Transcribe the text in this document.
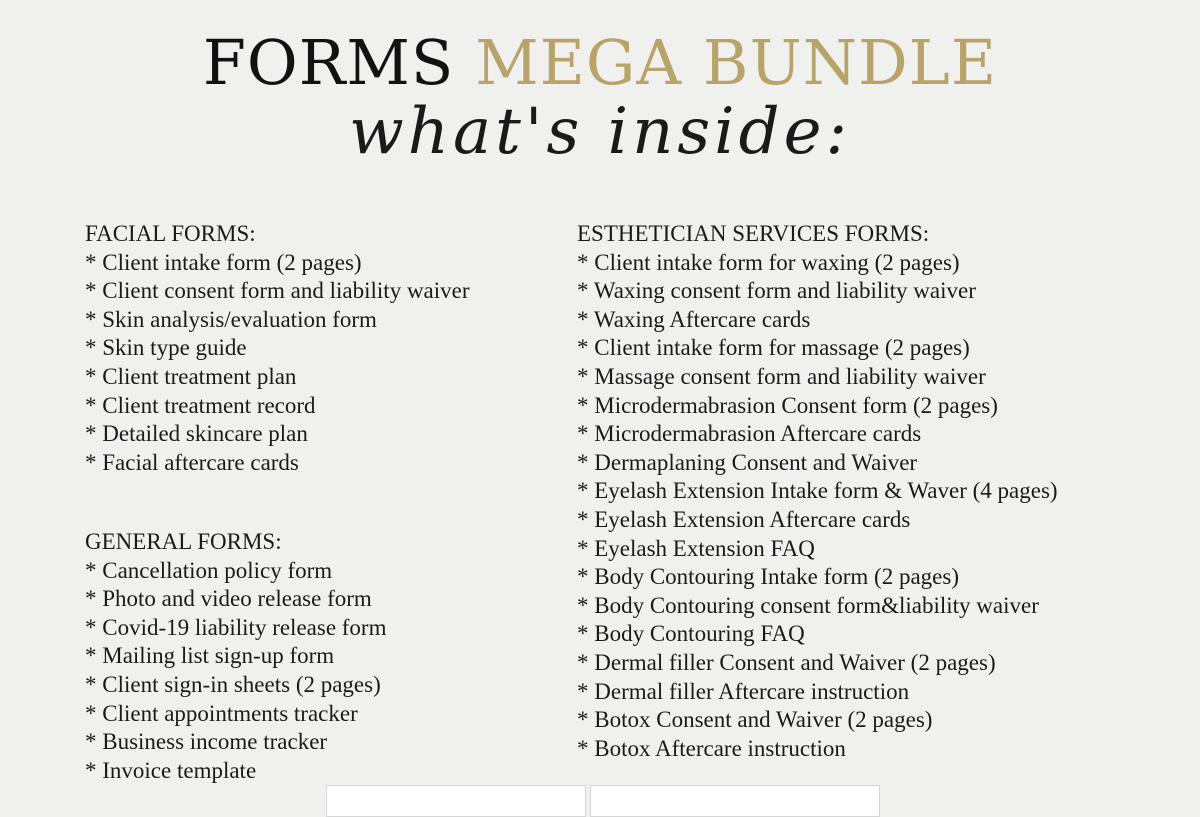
FORMS MEGA BUNDLE
what's inside:

FACIAL FORMS:

* Client intake form (2 pages)
* Client consent form and liability waiver
* Skin analysis/evaluation form
* Skin type guide
* Client treatment plan
* Client treatment record
* Detailed skincare plan
* Facial aftercare cards

GENERAL FORMS:

* Cancellation policy form
* Photo and video release form
* Covid-19 liability release form
* Mailing list sign-up form
* Client sign-in sheets (2 pages)
* Client appointments tracker
* Business income tracker
* Invoice template

ESTHETICIAN SERVICES FORMS:

* Client intake form for waxing (2 pages)
* Waxing consent form and liability waiver
* Waxing Aftercare cards
* Client intake form for massage (2 pages)
* Massage consent form and liability waiver
* Microdermabrasion Consent form (2 pages)
* Microdermabrasion Aftercare cards
* Dermaplaning Consent and Waiver
* Eyelash Extension Intake form & Waver (4 pages)
* Eyelash Extension Aftercare cards
* Eyelash Extension FAQ
* Body Contouring Intake form (2 pages)
* Body Contouring consent form&liability waiver
* Body Contouring FAQ
* Dermal filler Consent and Waiver (2 pages)
* Dermal filler Aftercare instruction
* Botox Consent and Waiver (2 pages)
* Botox Aftercare instruction
